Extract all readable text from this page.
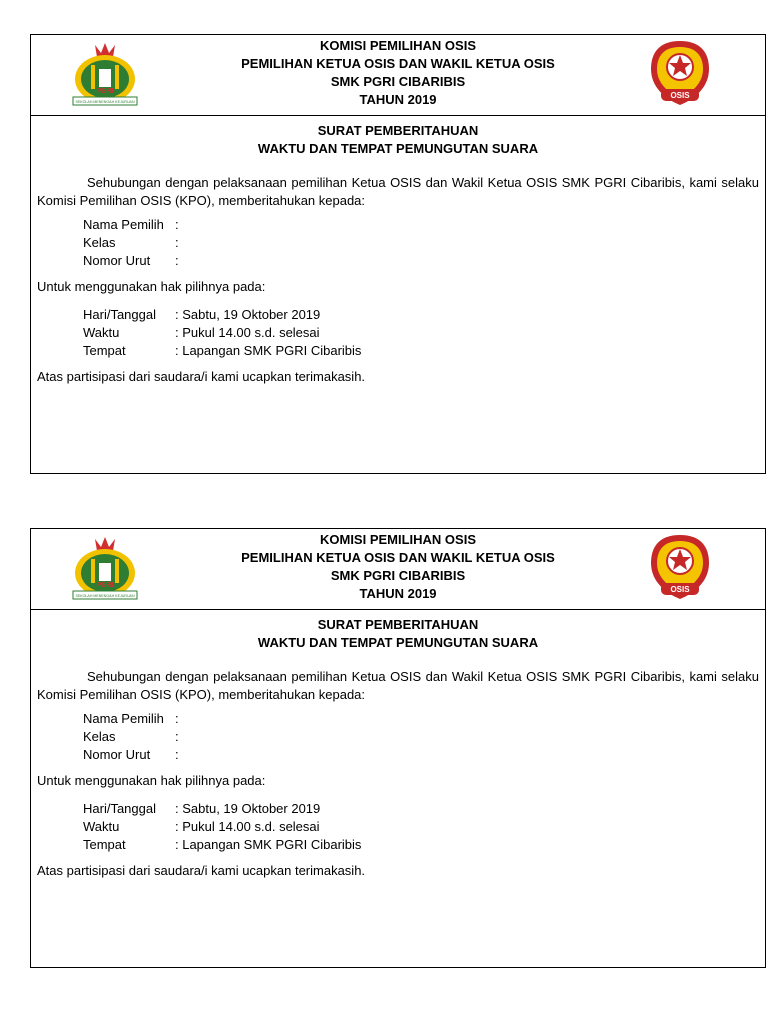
PGRI
SEKOLAH MENENGAH KEJURUAN
KOMISI PEMILIHAN OSIS
PEMILIHAN KETUA OSIS DAN WAKIL KETUA OSIS
SMK PGRI CIBARIBIS
TAHUN 2019	OSIS
SURAT PEMBERITAHUAN
WAKTU DAN TEMPAT PEMUNGUTAN SUARA
Sehubungan dengan pelaksanaan pemilihan Ketua OSIS dan Wakil Ketua OSIS SMK PGRI Cibaribis, kami selaku Komisi Pemilihan OSIS (KPO), memberitahukan kepada:
Nama Pemilih :
Kelas	:
Nomor Urut	:
Untuk menggunakan hak pilihnya pada:
Hari/Tanggal	: Sabtu, 19 Oktober 2019
Waktu	: Pukul 14.00 s.d. selesai
Tempat	: Lapangan SMK PGRI Cibaribis
Atas partisipasi dari saudara/i kami ucapkan terimakasih.
PGRI
SEKOLAH MENENGAH KEJURUAN
KOMISI PEMILIHAN OSIS
PEMILIHAN KETUA OSIS DAN WAKIL KETUA OSIS
SMK PGRI CIBARIBIS
TAHUN 2019	OSIS
SURAT PEMBERITAHUAN
WAKTU DAN TEMPAT PEMUNGUTAN SUARA
Sehubungan dengan pelaksanaan pemilihan Ketua OSIS dan Wakil Ketua OSIS SMK PGRI Cibaribis, kami selaku Komisi Pemilihan OSIS (KPO), memberitahukan kepada:
Nama Pemilih :
Kelas	:
Nomor Urut	:
Untuk menggunakan hak pilihnya pada:
Hari/Tanggal	: Sabtu, 19 Oktober 2019
Waktu	: Pukul 14.00 s.d. selesai
Tempat	: Lapangan SMK PGRI Cibaribis
Atas partisipasi dari saudara/i kami ucapkan terimakasih.
